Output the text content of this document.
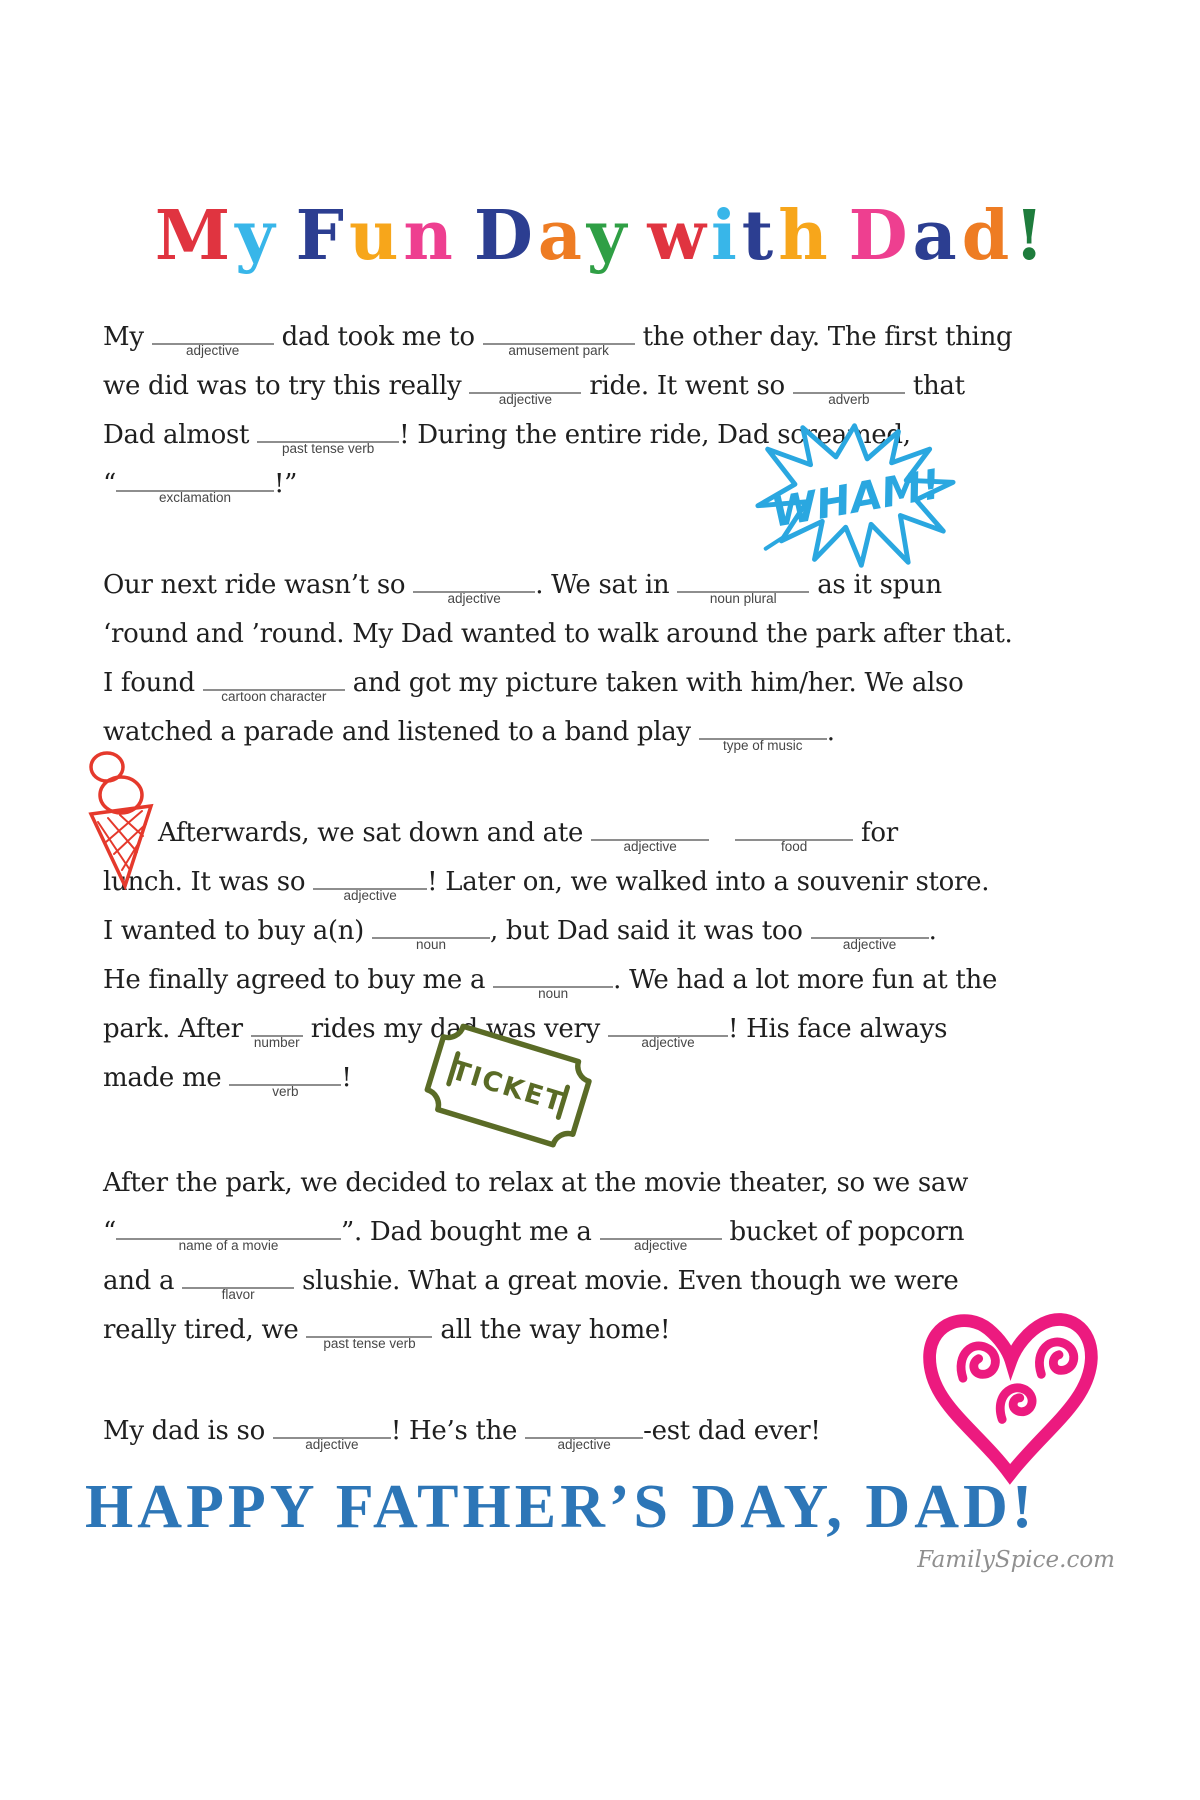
My Fun Day with Dad!
My	adjective	dad took me to	amusement park the other day. The first thing
we did was to try this really	adjective	ride. It went so	adverb	that
Dad almost	past tense verb ! During the entire ride, Dad screamed,
“	exclamation	!”
Our next ride wasn’t so	adjective	. We sat in	noun plural	as it spun
‘round and ’round. My Dad wanted to walk around the park after that.
I found	cartoon character and got my picture taken with him/her. We also
watched a parade and listened to a band play	type of music .
Afterwards, we sat down and ate	adjective	food	for
lunch. It was so	adjective	! Later on, we walked into a souvenir store.
I wanted to buy a(n)	noun	, but Dad said it was too	adjective	.
He finally agreed to buy me a	noun	. We had a lot more fun at the
park. After number rides my dad was very	adjective	! His face always
made me	verb	!
After the park, we decided to relax at the movie theater, so we saw
“	name of a movie	”. Dad bought me a	adjective	bucket of popcorn
and a	flavor	slushie. What a great movie. Even though we were
really tired, we	past tense verb all the way home!
My dad is so	adjective	! He’s the	adjective	-est dad ever!
WHAM!
TICKET
HAPPY FATHER’S DAY, DAD!
FamilySpice.com
